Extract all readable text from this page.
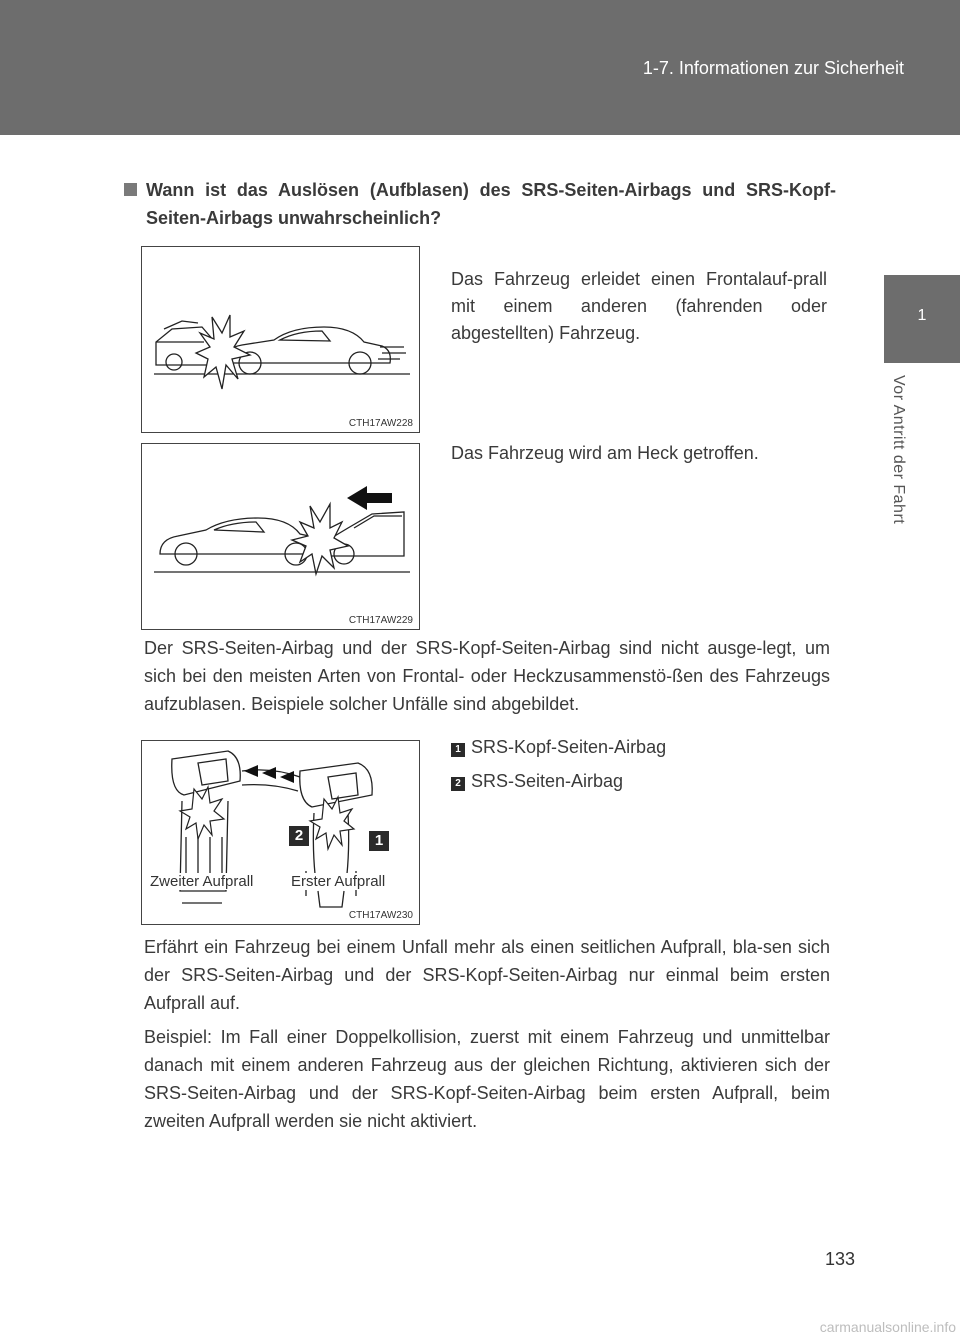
1-7. Informationen zur Sicherheit
1
Vor Antritt der Fahrt
Wann ist das Auslösen (Aufblasen) des SRS-Seiten-Airbags und SRS-Kopf-Seiten-Airbags unwahrscheinlich?
CTH17AW228
Das Fahrzeug erleidet einen Frontalauf-prall mit einem anderen (fahrenden oder abgestellten) Fahrzeug.
CTH17AW229
Das Fahrzeug wird am Heck getroffen.
Der SRS-Seiten-Airbag und der SRS-Kopf-Seiten-Airbag sind nicht ausge-legt, um sich bei den meisten Arten von Frontal- oder Heckzusammenstö-ßen des Fahrzeugs aufzublasen. Beispiele solcher Unfälle sind abgebildet.
2	1
Zweiter Aufprall	Erster Aufprall
CTH17AW230
1 SRS-Kopf-Seiten-Airbag
2 SRS-Seiten-Airbag
Erfährt ein Fahrzeug bei einem Unfall mehr als einen seitlichen Aufprall, bla-sen sich der SRS-Seiten-Airbag und der SRS-Kopf-Seiten-Airbag nur einmal beim ersten Aufprall auf.
Beispiel: Im Fall einer Doppelkollision, zuerst mit einem Fahrzeug und unmittelbar danach mit einem anderen Fahrzeug aus der gleichen Richtung, aktivieren sich der SRS-Seiten-Airbag und der SRS-Kopf-Seiten-Airbag beim ersten Aufprall, beim zweiten Aufprall werden sie nicht aktiviert.
133
carmanualsonline.info
